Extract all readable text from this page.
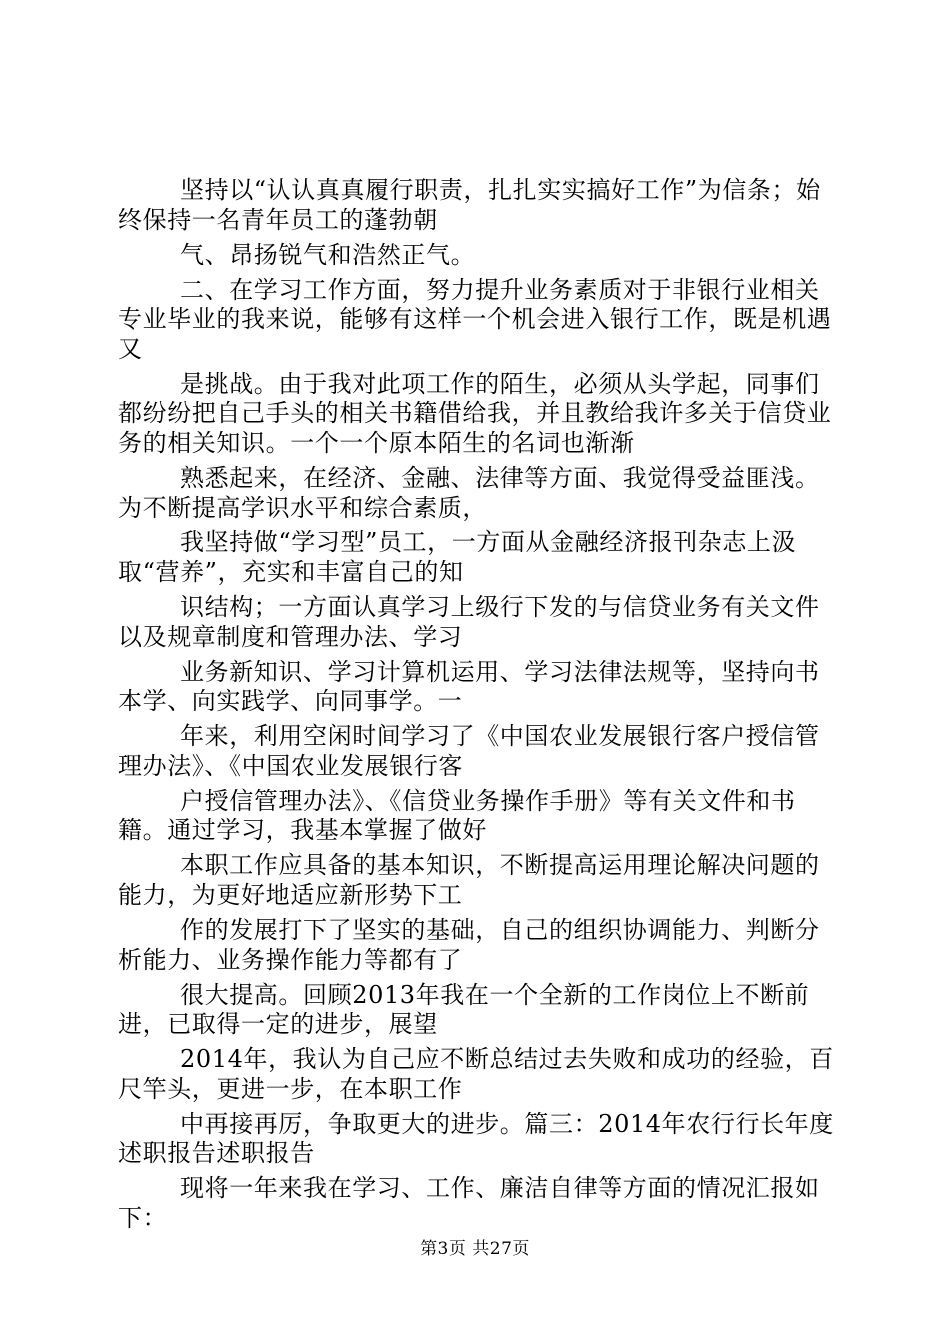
坚持以“认认真真履行职责，扎扎实实搞好工作”为信条；始终保持一名青年员工的蓬勃朝

气、昂扬锐气和浩然正气。

二、在学习工作方面，努力提升业务素质对于非银行业相关专业毕业的我来说，能够有这样一个机会进入银行工作，既是机遇又

是挑战。由于我对此项工作的陌生，必须从头学起，同事们都纷纷把自己手头的相关书籍借给我，并且教给我许多关于信贷业务的相关知识。一个一个原本陌生的名词也渐渐

熟悉起来，在经济、金融、法律等方面、我觉得受益匪浅。为不断提高学识水平和综合素质，

我坚持做“学习型”员工，一方面从金融经济报刊杂志上汲取“营养”，充实和丰富自己的知

识结构；一方面认真学习上级行下发的与信贷业务有关文件以及规章制度和管理办法、学习

业务新知识、学习计算机运用、学习法律法规等，坚持向书本学、向实践学、向同事学。一

年来，利用空闲时间学习了《中国农业发展银行客户授信管理办法》、《中国农业发展银行客

户授信管理办法》、《信贷业务操作手册》等有关文件和书籍。通过学习，我基本掌握了做好

本职工作应具备的基本知识，不断提高运用理论解决问题的能力，为更好地适应新形势下工

作的发展打下了坚实的基础，自己的组织协调能力、判断分析能力、业务操作能力等都有了

很大提高。回顾2013年我在一个全新的工作岗位上不断前进，已取得一定的进步，展望

2014年，我认为自己应不断总结过去失败和成功的经验，百尺竿头，更进一步，在本职工作

中再接再厉，争取更大的进步。篇三：2014年农行行长年度述职报告述职报告

现将一年来我在学习、工作、廉洁自律等方面的情况汇报如下：

第3页 共27页
